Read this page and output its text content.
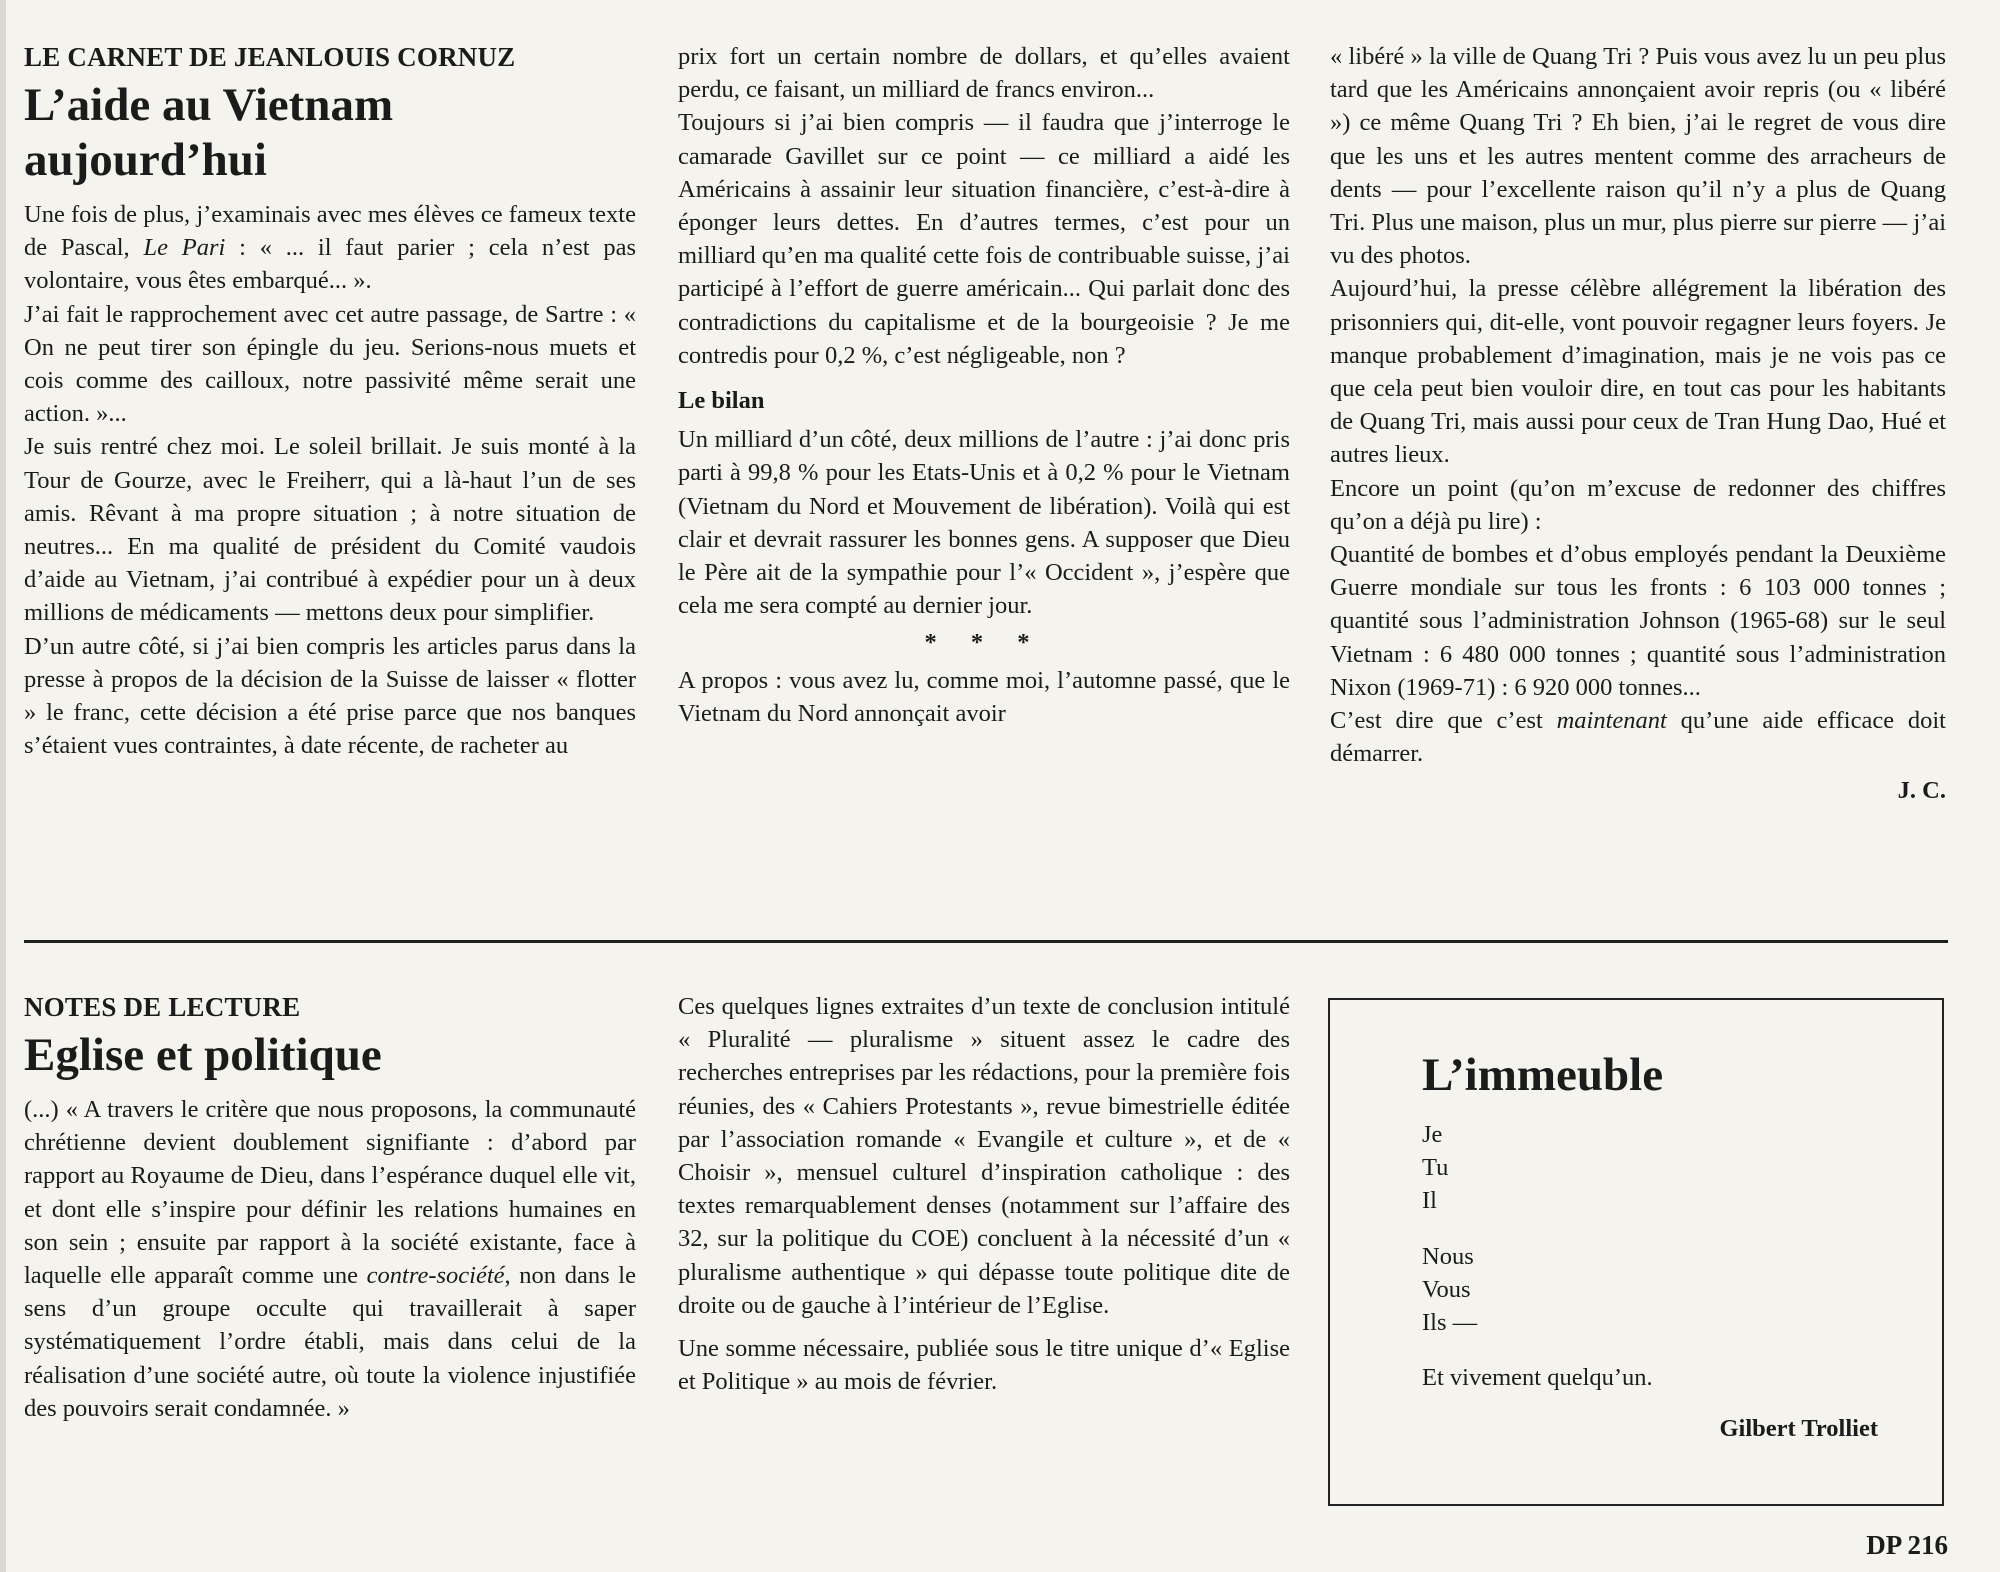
LE CARNET DE JEANLOUIS CORNUZ
L’aide au Vietnam aujourd’hui

Une fois de plus, j’examinais avec mes élèves ce fameux texte de Pascal, Le Pari : « ... il faut parier ; cela n’est pas volontaire, vous êtes embarqué... ».

J’ai fait le rapprochement avec cet autre passage, de Sartre : « On ne peut tirer son épingle du jeu. Serions-nous muets et cois comme des cailloux, notre passivité même serait une action. »...

Je suis rentré chez moi. Le soleil brillait. Je suis monté à la Tour de Gourze, avec le Freiherr, qui a là-haut l’un de ses amis. Rêvant à ma propre situation ; à notre situation de neutres... En ma qualité de président du Comité vaudois d’aide au Vietnam, j’ai contribué à expédier pour un à deux millions de médicaments — mettons deux pour simplifier.

D’un autre côté, si j’ai bien compris les articles parus dans la presse à propos de la décision de la Suisse de laisser « flotter » le franc, cette décision a été prise parce que nos banques s’étaient vues contraintes, à date récente, de racheter au

prix fort un certain nombre de dollars, et qu’elles avaient perdu, ce faisant, un milliard de francs environ...

Toujours si j’ai bien compris — il faudra que j’interroge le camarade Gavillet sur ce point — ce milliard a aidé les Américains à assainir leur situation financière, c’est-à-dire à éponger leurs dettes. En d’autres termes, c’est pour un milliard qu’en ma qualité cette fois de contribuable suisse, j’ai participé à l’effort de guerre américain... Qui parlait donc des contradictions du capitalisme et de la bourgeoisie ? Je me contredis pour 0,2 %, c’est négligeable, non ?

Le bilan

Un milliard d’un côté, deux millions de l’autre : j’ai donc pris parti à 99,8 % pour les Etats-Unis et à 0,2 % pour le Vietnam (Vietnam du Nord et Mouvement de libération). Voilà qui est clair et devrait rassurer les bonnes gens. A supposer que Dieu le Père ait de la sympathie pour l’« Occident », j’espère que cela me sera compté au dernier jour.

* * *

A propos : vous avez lu, comme moi, l’automne passé, que le Vietnam du Nord annonçait avoir

« libéré » la ville de Quang Tri ? Puis vous avez lu un peu plus tard que les Américains annonçaient avoir repris (ou « libéré ») ce même Quang Tri ? Eh bien, j’ai le regret de vous dire que les uns et les autres mentent comme des arracheurs de dents — pour l’excellente raison qu’il n’y a plus de Quang Tri. Plus une maison, plus un mur, plus pierre sur pierre — j’ai vu des photos.

Aujourd’hui, la presse célèbre allégrement la libération des prisonniers qui, dit-elle, vont pouvoir regagner leurs foyers. Je manque probablement d’imagination, mais je ne vois pas ce que cela peut bien vouloir dire, en tout cas pour les habitants de Quang Tri, mais aussi pour ceux de Tran Hung Dao, Hué et autres lieux.

Encore un point (qu’on m’excuse de redonner des chiffres qu’on a déjà pu lire) :

Quantité de bombes et d’obus employés pendant la Deuxième Guerre mondiale sur tous les fronts : 6 103 000 tonnes ; quantité sous l’administration Johnson (1965-68) sur le seul Vietnam : 6 480 000 tonnes ; quantité sous l’administration Nixon (1969-71) : 6 920 000 tonnes...

C’est dire que c’est maintenant qu’une aide efficace doit démarrer.

J. C.
NOTES DE LECTURE
Eglise et politique

(...) « A travers le critère que nous proposons, la communauté chrétienne devient doublement signifiante : d’abord par rapport au Royaume de Dieu, dans l’espérance duquel elle vit, et dont elle s’inspire pour définir les relations humaines en son sein ; ensuite par rapport à la société existante, face à laquelle elle apparaît comme une contre-société, non dans le sens d’un groupe occulte qui travaillerait à saper systématiquement l’ordre établi, mais dans celui de la réalisation d’une société autre, où toute la violence injustifiée des pouvoirs serait condamnée. »

Ces quelques lignes extraites d’un texte de conclusion intitulé « Pluralité — pluralisme » situent assez le cadre des recherches entreprises par les rédactions, pour la première fois réunies, des « Cahiers Protestants », revue bimestrielle éditée par l’association romande « Evangile et culture », et de « Choisir », mensuel culturel d’inspiration catholique : des textes remarquablement denses (notamment sur l’affaire des 32, sur la politique du COE) concluent à la nécessité d’un « pluralisme authentique » qui dépasse toute politique dite de droite ou de gauche à l’intérieur de l’Eglise.

Une somme nécessaire, publiée sous le titre unique d’« Eglise et Politique » au mois de février.

L’immeuble
Je
Tu
Il
Nous
Vous
Ils —
Et vivement quelqu’un.
Gilbert Trolliet
DP 216
